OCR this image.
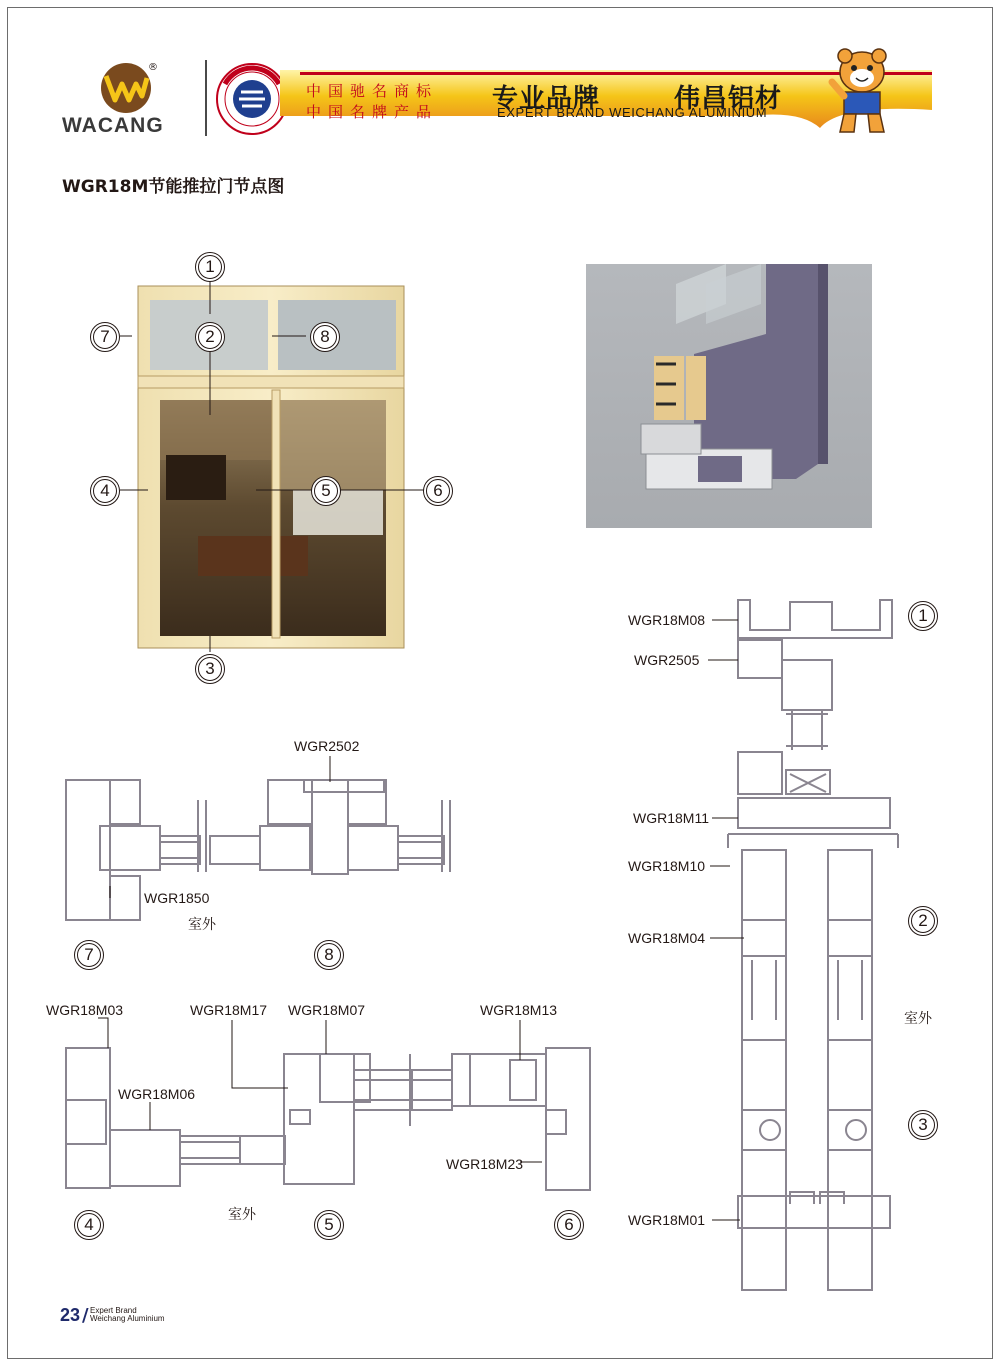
®
WACANG
中国驰名商标
中国名牌产品 专业品牌	伟昌铝材
EXPERT BRAND WEICHANG ALUMINIUM
WGR18M节能推拉门节点图
1
2
3
4	5	6
7	8
WGR18M08
WGR2505
WGR18M11
WGR18M10
WGR18M04
WGR18M01
WGR2502
WGR1850
WGR18M03
WGR18M06
WGR18M17 WGR18M07	WGR18M13
WGR18M23
室外
室外
室外
1
2
3
7	8
4	5	6
23 / Expert Brand
Weichang Aluminium
